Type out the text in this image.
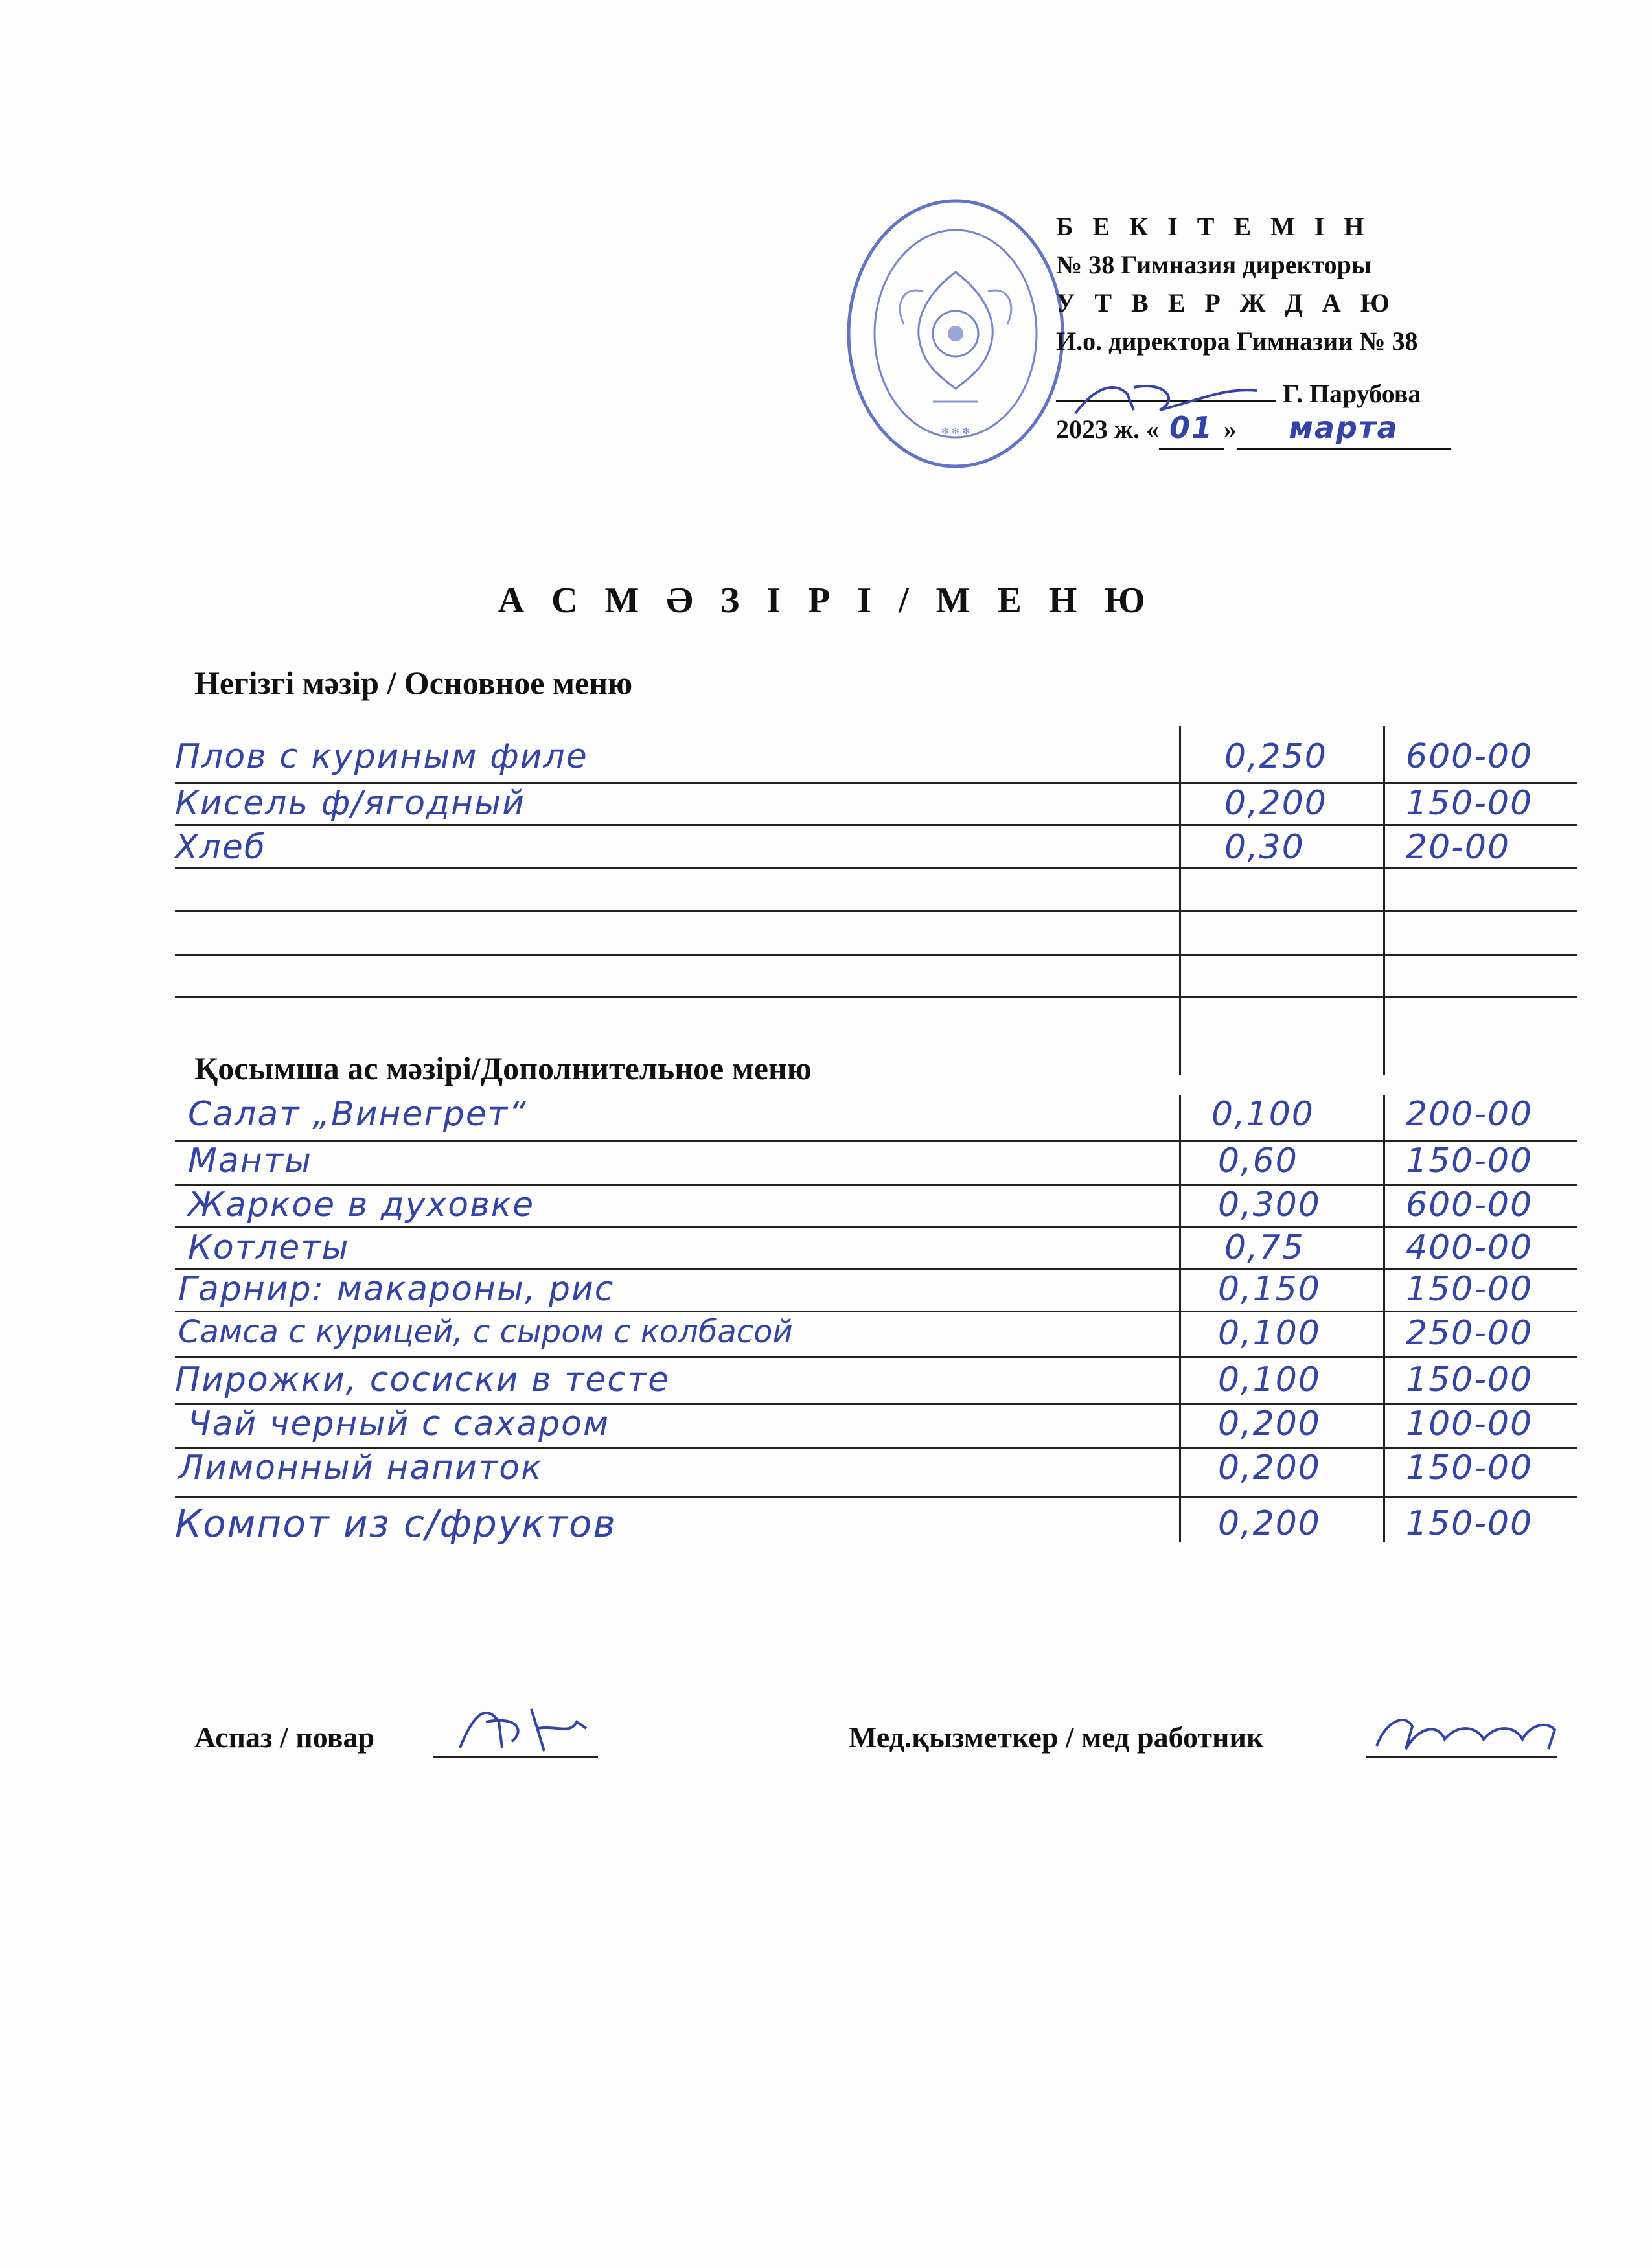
✻ ✻ ✻
Б Е К І Т Е М І Н
№ 38 Гимназия директоры
У Т В Е Р Ж Д А Ю
И.о. директора Гимназии № 38
Г. Парубова
2023 ж. « 01 » марта
А С М Ә З І Р І / М Е Н Ю
Негізгі мәзір / Основное меню
Плов с куриным филе	0,250 600-00
Кисель ф/ягодный	0,200 150-00
Хлеб	0,30	20-00
Қосымша ас мәзірі/Дополнительное меню
Салат „Винегрет“	0,100	200-00
Манты	0,60	150-00
Жаркое в духовке	0,300	600-00
Котлеты	0,75	400-00
Гарнир: макароны, рис	0,150	150-00
Самса с курицей, с сыром с колбасой	0,100	250-00
Пирожки, сосиски в тесте	0,100	150-00
Чай черный с сахаром	0,200	100-00
Лимонный напиток	0,200	150-00
Компот из с/фруктов	0,200	150-00
Аспаз / повар	Мед.қызметкер / мед работник
